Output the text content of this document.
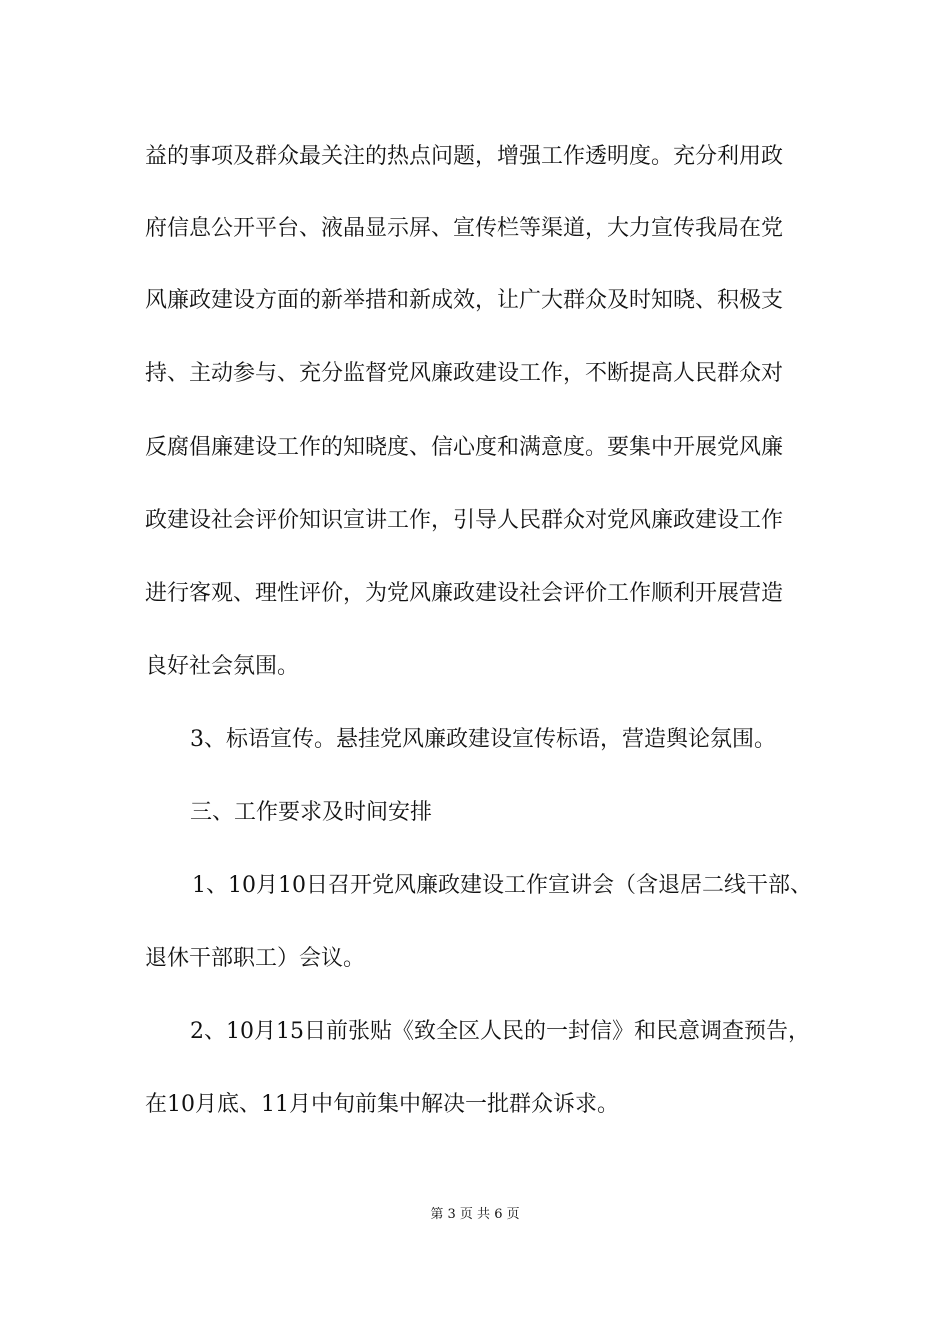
益的事项及群众最关注的热点问题，增强工作透明度。充分利用政
府信息公开平台、液晶显示屏、宣传栏等渠道，大力宣传我局在党
风廉政建设方面的新举措和新成效，让广大群众及时知晓、积极支
持、主动参与、充分监督党风廉政建设工作，不断提高人民群众对
反腐倡廉建设工作的知晓度、信心度和满意度。要集中开展党风廉
政建设社会评价知识宣讲工作，引导人民群众对党风廉政建设工作
进行客观、理性评价，为党风廉政建设社会评价工作顺利开展营造
良好社会氛围。
3、标语宣传。悬挂党风廉政建设宣传标语，营造舆论氛围。
三、工作要求及时间安排
1、10月10日召开党风廉政建设工作宣讲会（含退居二线干部、
退休干部职工）会议。
2、10月15日前张贴《致全区人民的一封信》和民意调查预告，
在10月底、11月中旬前集中解决一批群众诉求。
第 3 页 共 6 页
